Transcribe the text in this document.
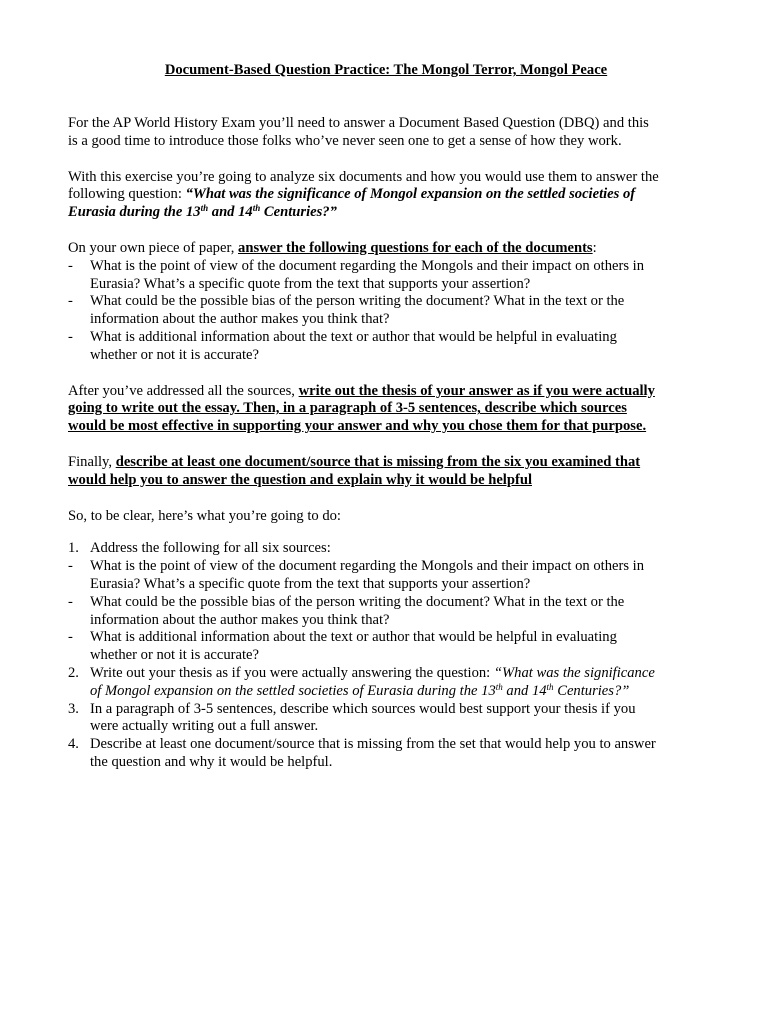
Document-Based Question Practice: The Mongol Terror, Mongol Peace

For the AP World History Exam you’ll need to answer a Document Based Question (DBQ) and this is a good time to introduce those folks who’ve never seen one to get a sense of how they work.

With this exercise you’re going to analyze six documents and how you would use them to answer the following question: “What was the significance of Mongol expansion on the settled societies of Eurasia during the 13th and 14th Centuries?”

On your own piece of paper, answer the following questions for each of the documents:

-	What is the point of view of the document regarding the Mongols and their impact on others in Eurasia? What’s a specific quote from the text that supports your assertion?
-	What could be the possible bias of the person writing the document? What in the text or the information about the author makes you think that?
-	What is additional information about the text or author that would be helpful in evaluating whether or not it is accurate?

After you’ve addressed all the sources, write out the thesis of your answer as if you were actually going to write out the essay. Then, in a paragraph of 3-5 sentences, describe which sources would be most effective in supporting your answer and why you chose them for that purpose.

Finally, describe at least one document/source that is missing from the six you examined that would help you to answer the question and explain why it would be helpful

So, to be clear, here’s what you’re going to do:

1. Address the following for all six sources:
-	What is the point of view of the document regarding the Mongols and their impact on others in Eurasia? What’s a specific quote from the text that supports your assertion?
-	What could be the possible bias of the person writing the document? What in the text or the information about the author makes you think that?
-	What is additional information about the text or author that would be helpful in evaluating whether or not it is accurate?
2. Write out your thesis as if you were actually answering the question: “What was the significance of Mongol expansion on the settled societies of Eurasia during the 13th and 14th Centuries?”
3. In a paragraph of 3-5 sentences, describe which sources would best support your thesis if you were actually writing out a full answer.
4. Describe at least one document/source that is missing from the set that would help you to answer the question and why it would be helpful.
